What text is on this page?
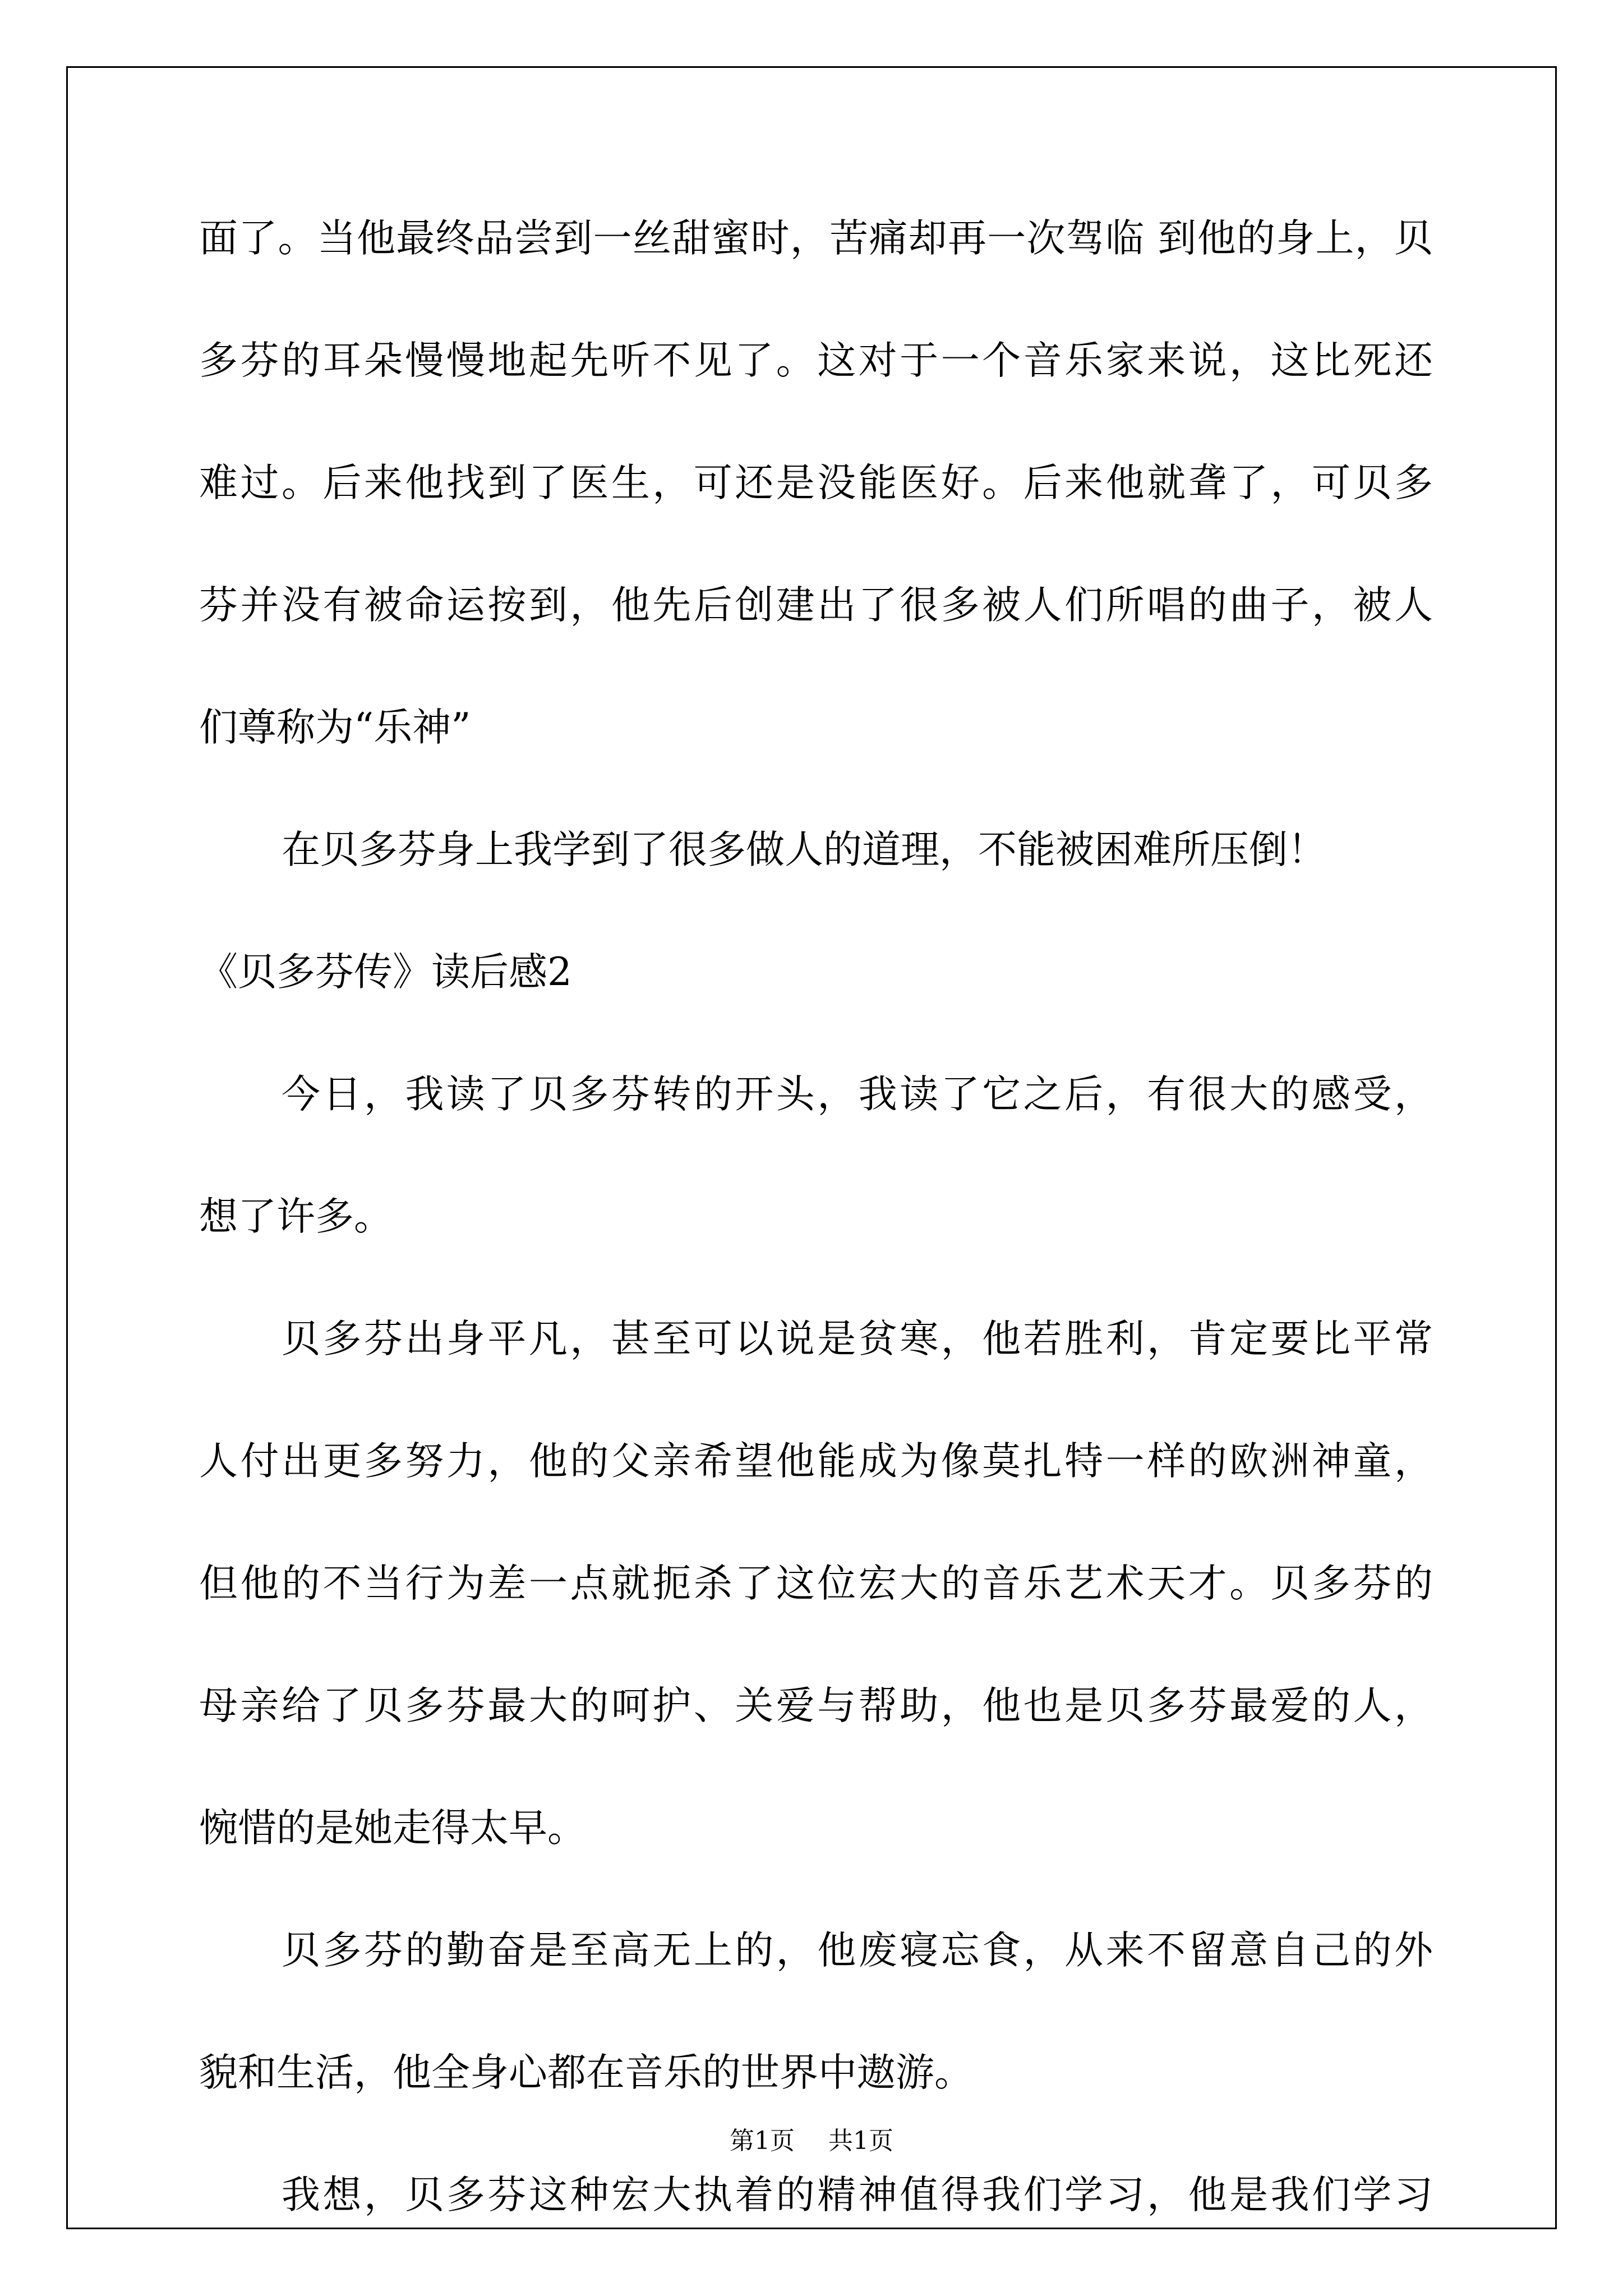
面了。当他最终品尝到一丝甜蜜时，苦痛却再一次驾临 到他的身上，贝
多芬的耳朵慢慢地起先听不见了。这对于一个音乐家来说，这比死还
难过。后来他找到了医生，可还是没能医好。后来他就聋了，可贝多
芬并没有被命运按到，他先后创建出了很多被人们所唱的曲子，被人
们尊称为“乐神”
在贝多芬身上我学到了很多做人的道理，不能被困难所压倒！
《贝多芬传》读后感2
今日，我读了贝多芬转的开头，我读了它之后，有很大的感受，
想了许多。
贝多芬出身平凡，甚至可以说是贫寒，他若胜利，肯定要比平常
人付出更多努力，他的父亲希望他能成为像莫扎特一样的欧洲神童，
但他的不当行为差一点就扼杀了这位宏大的音乐艺术天才。贝多芬的
母亲给了贝多芬最大的呵护、关爱与帮助，他也是贝多芬最爱的人，
惋惜的是她走得太早。
贝多芬的勤奋是至高无上的，他废寝忘食，从来不留意自己的外
貌和生活，他全身心都在音乐的世界中遨游。
我想，贝多芬这种宏大执着的精神值得我们学习，他是我们学习
第1页 共1页
